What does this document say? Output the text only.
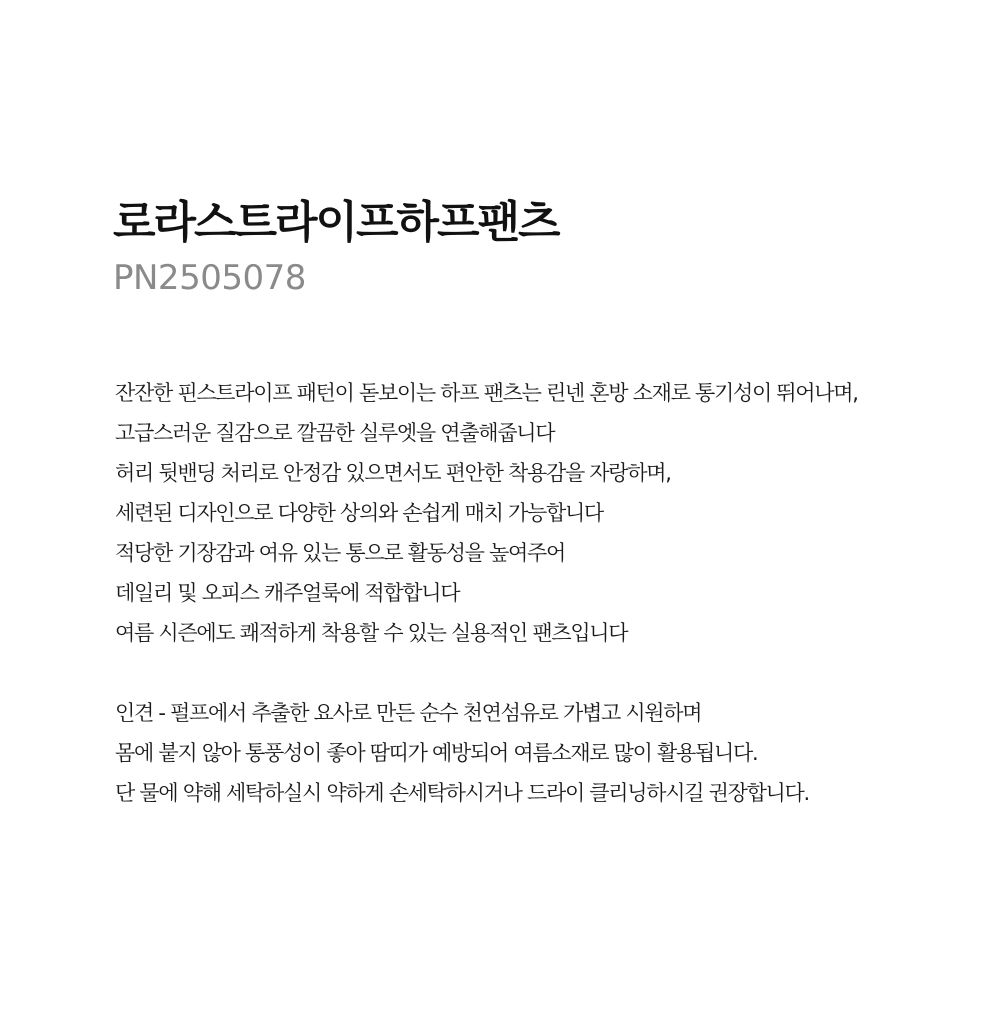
로라스트라이프하프팬츠
PN2505078

잔잔한 핀스트라이프 패턴이 돋보이는 하프 팬츠는 린넨 혼방 소재로 통기성이 뛰어나며,
고급스러운 질감으로 깔끔한 실루엣을 연출해줍니다
허리 뒷밴딩 처리로 안정감 있으면서도 편안한 착용감을 자랑하며,
세련된 디자인으로 다양한 상의와 손쉽게 매치 가능합니다
적당한 기장감과 여유 있는 통으로 활동성을 높여주어
데일리 및 오피스 캐주얼룩에 적합합니다
여름 시즌에도 쾌적하게 착용할 수 있는 실용적인 팬츠입니다

인견 - 펄프에서 추출한 요사로 만든 순수 천연섬유로 가볍고 시원하며
몸에 붙지 않아 통풍성이 좋아 땀띠가 예방되어 여름소재로 많이 활용됩니다.
단 물에 약해 세탁하실시 약하게 손세탁하시거나 드라이 클리닝하시길 권장합니다.
